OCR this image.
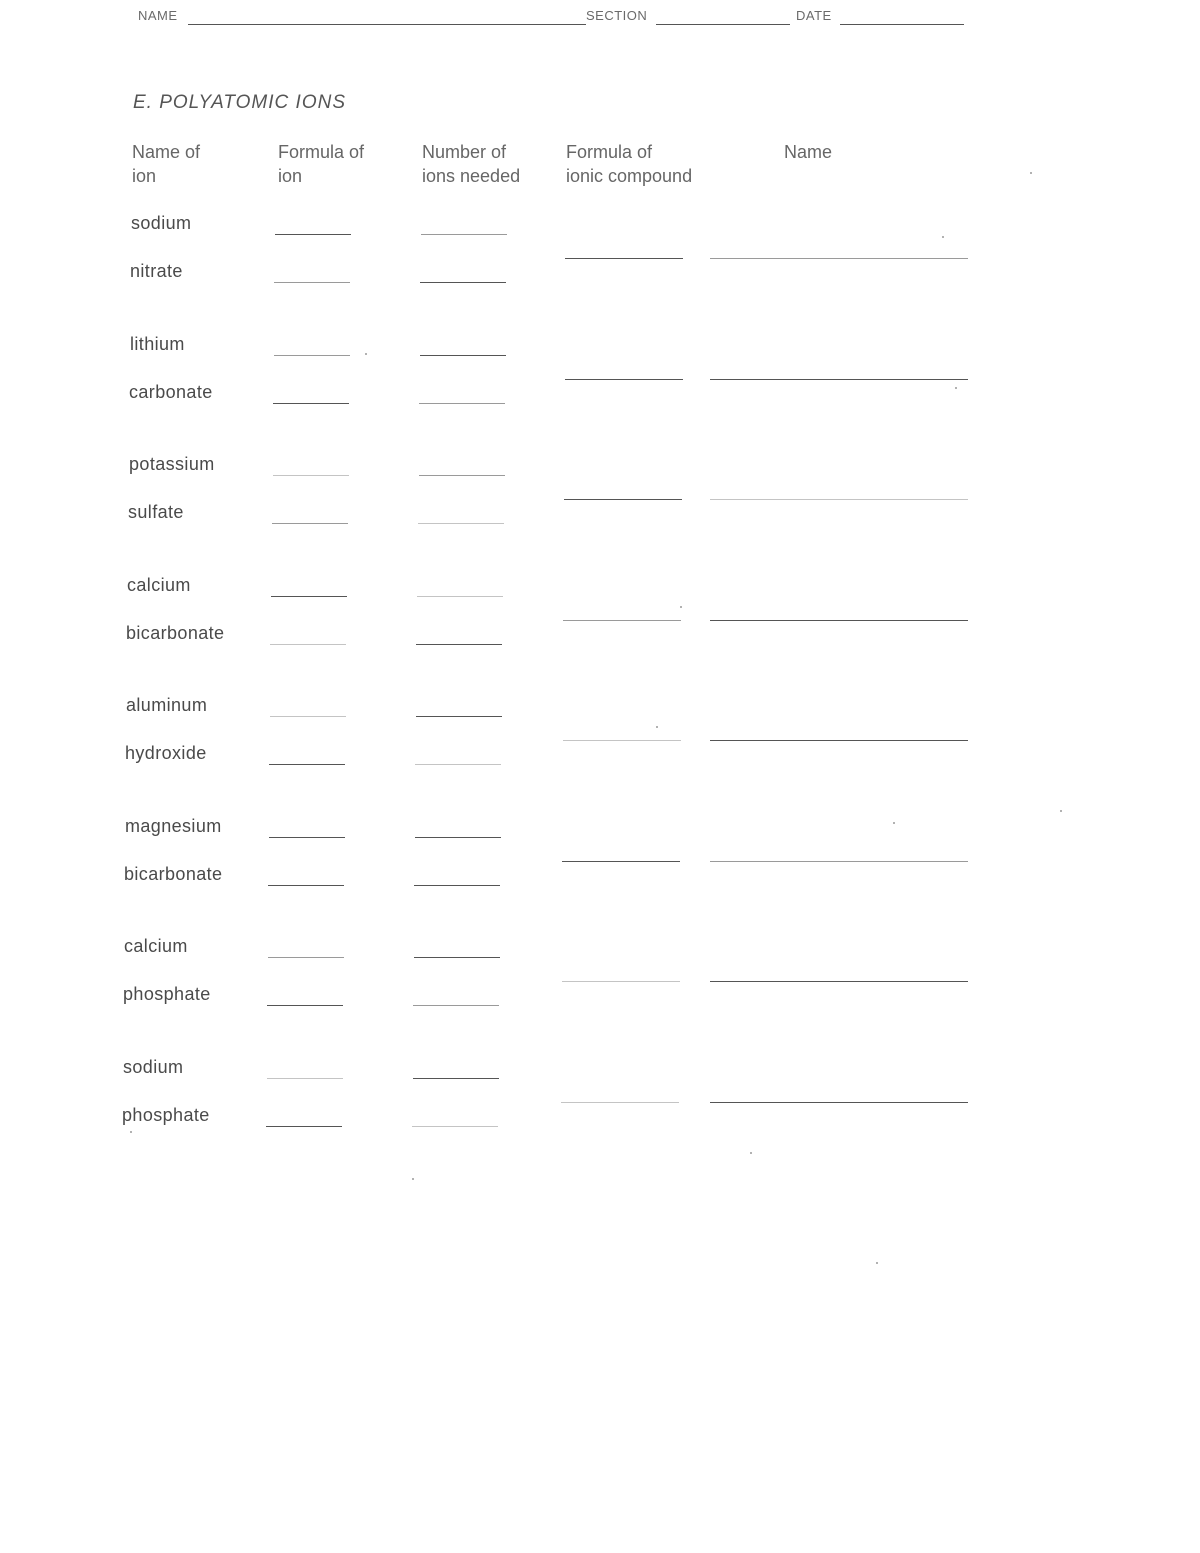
NAME	SECTION	DATE
E. POLYATOMIC IONS
Name of
ion
Formula of
ion
Number of
ions needed
Formula of
ionic compound
Name
sodium
nitrate
lithium
carbonate
potassium
sulfate
calcium
bicarbonate
aluminum
hydroxide
magnesium
bicarbonate
calcium
phosphate
sodium
phosphate
